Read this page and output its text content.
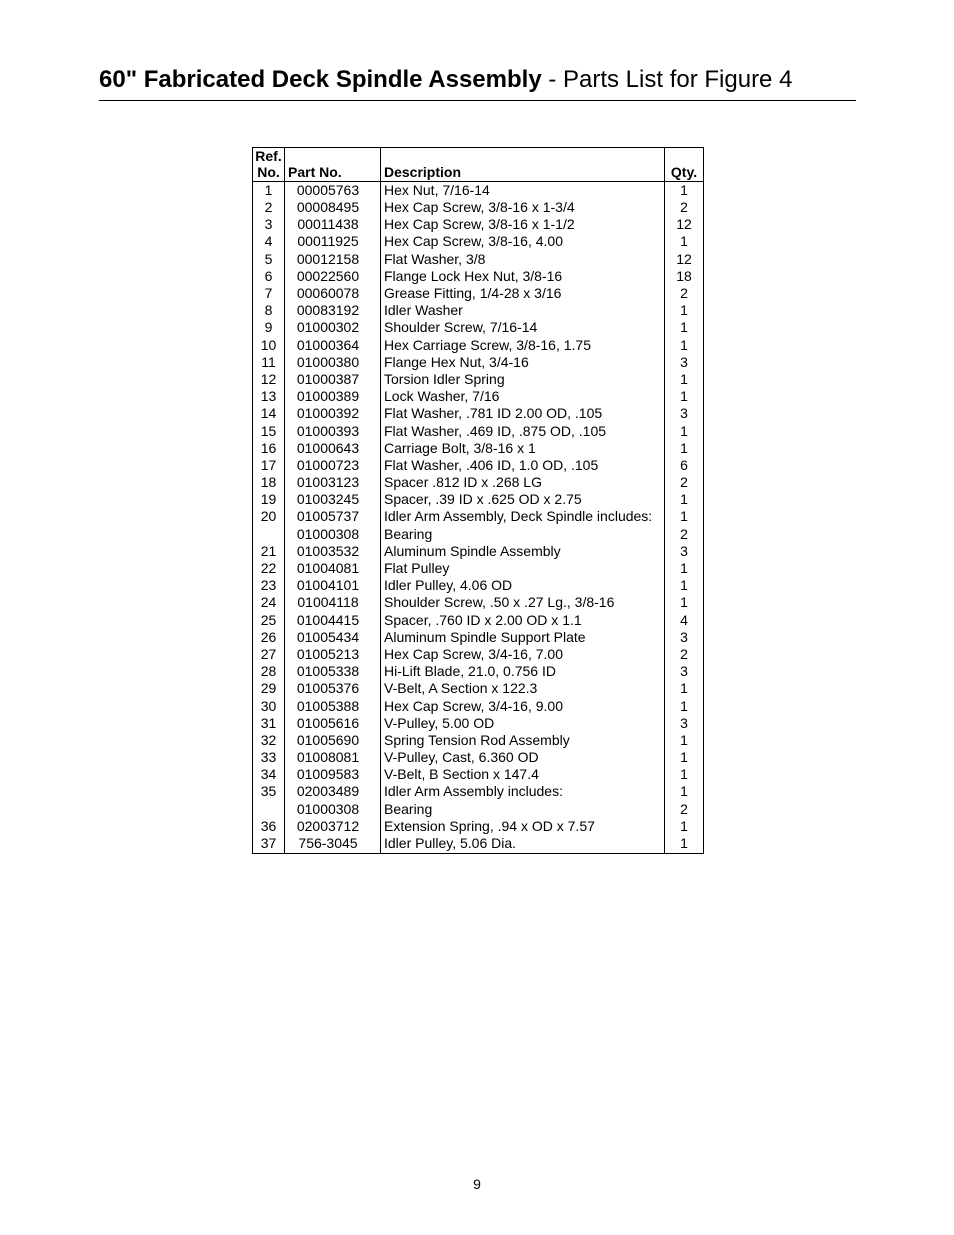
60" Fabricated Deck Spindle Assembly - Parts List for Figure 4
Ref.
No.	Part No.	Description	Qty.
1	00005763	Hex Nut, 7/16-14	1
2	00008495	Hex Cap Screw, 3/8-16 x 1-3/4	2
3	00011438	Hex Cap Screw, 3/8-16 x 1-1/2	12
4	00011925	Hex Cap Screw, 3/8-16, 4.00	1
5	00012158	Flat Washer, 3/8	12
6	00022560	Flange Lock Hex Nut, 3/8-16	18
7	00060078	Grease Fitting, 1/4-28 x 3/16	2
8	00083192	Idler Washer	1
9	01000302	Shoulder Screw, 7/16-14	1
10	01000364	Hex Carriage Screw, 3/8-16, 1.75	1
11	01000380	Flange Hex Nut, 3/4-16	3
12	01000387	Torsion Idler Spring	1
13	01000389	Lock Washer, 7/16	1
14	01000392	Flat Washer, .781 ID 2.00 OD, .105	3
15	01000393	Flat Washer, .469 ID, .875 OD, .105	1
16	01000643	Carriage Bolt, 3/8-16 x 1	1
17	01000723	Flat Washer, .406 ID, 1.0 OD, .105	6
18	01003123	Spacer .812 ID x .268 LG	2
19	01003245	Spacer, .39 ID x .625 OD x 2.75	1
20	01005737	Idler Arm Assembly, Deck Spindle includes:	1
	01000308	Bearing	2
21	01003532	Aluminum Spindle Assembly	3
22	01004081	Flat Pulley	1
23	01004101	Idler Pulley, 4.06 OD	1
24	01004118	Shoulder Screw, .50 x .27 Lg., 3/8-16	1
25	01004415	Spacer, .760 ID x 2.00 OD x 1.1	4
26	01005434	Aluminum Spindle Support Plate	3
27	01005213	Hex Cap Screw, 3/4-16, 7.00	2
28	01005338	Hi-Lift Blade, 21.0, 0.756 ID	3
29	01005376	V-Belt, A Section x 122.3	1
30	01005388	Hex Cap Screw, 3/4-16, 9.00	1
31	01005616	V-Pulley, 5.00 OD	3
32	01005690	Spring Tension Rod Assembly	1
33	01008081	V-Pulley, Cast, 6.360 OD	1
34	01009583	V-Belt, B Section x 147.4	1
35	02003489	Idler Arm Assembly includes:	1
	01000308	Bearing	2
36	02003712	Extension Spring, .94 x OD x 7.57	1
37	756-3045	Idler Pulley, 5.06 Dia.	1
9
